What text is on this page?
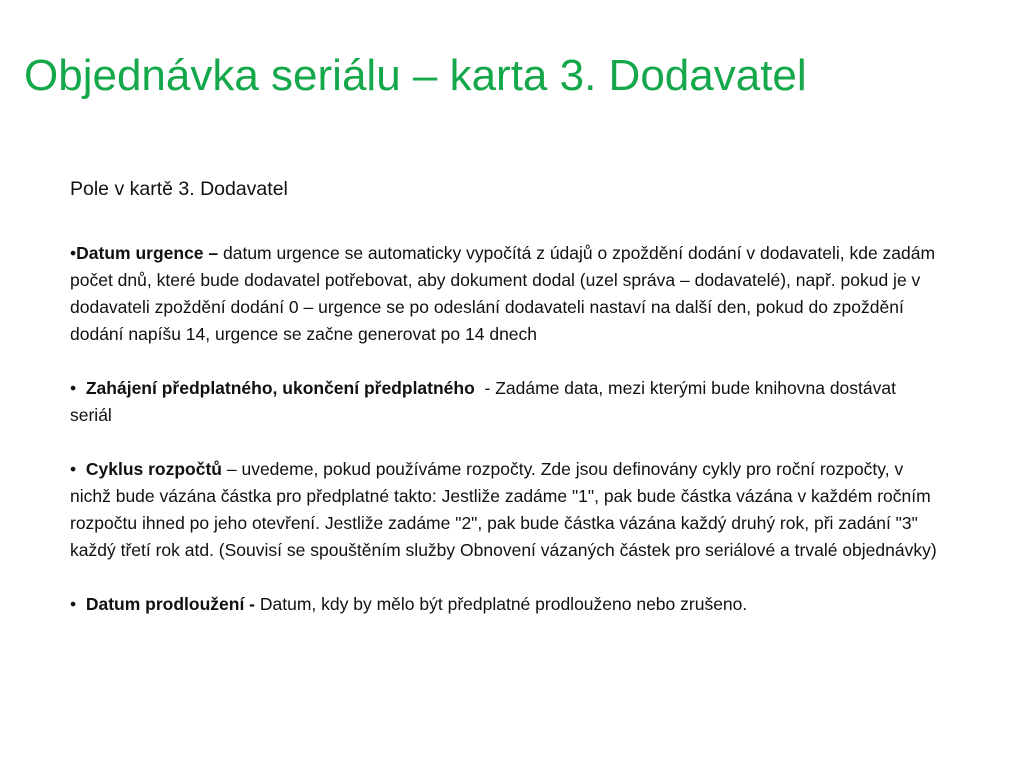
Objednávka seriálu – karta 3. Dodavatel
Pole v kartě 3. Dodavatel
•Datum urgence – datum urgence se automaticky vypočítá z údajů o zpoždění dodání v dodavateli, kde zadám počet dnů, které bude dodavatel potřebovat, aby dokument dodal (uzel správa – dodavatelé), např. pokud je v dodavateli zpoždění dodání 0 – urgence se po odeslání dodavateli nastaví na další den, pokud do zpoždění dodání napíšu 14, urgence se začne generovat po 14 dnech
•  Zahájení předplatného, ukončení předplatného  - Zadáme data, mezi kterými bude knihovna dostávat seriál
•  Cyklus rozpočtů – uvedeme, pokud používáme rozpočty. Zde jsou definovány cykly pro roční rozpočty, v nichž bude vázána částka pro předplatné takto: Jestliže zadáme "1", pak bude částka vázána v každém ročním rozpočtu ihned po jeho otevření. Jestliže zadáme "2", pak bude částka vázána každý druhý rok, při zadání "3" každý třetí rok atd. (Souvisí se spouštěním služby Obnovení vázaných částek pro seriálové a trvalé objednávky)
•  Datum prodloužení - Datum, kdy by mělo být předplatné prodlouženo nebo zrušeno.
